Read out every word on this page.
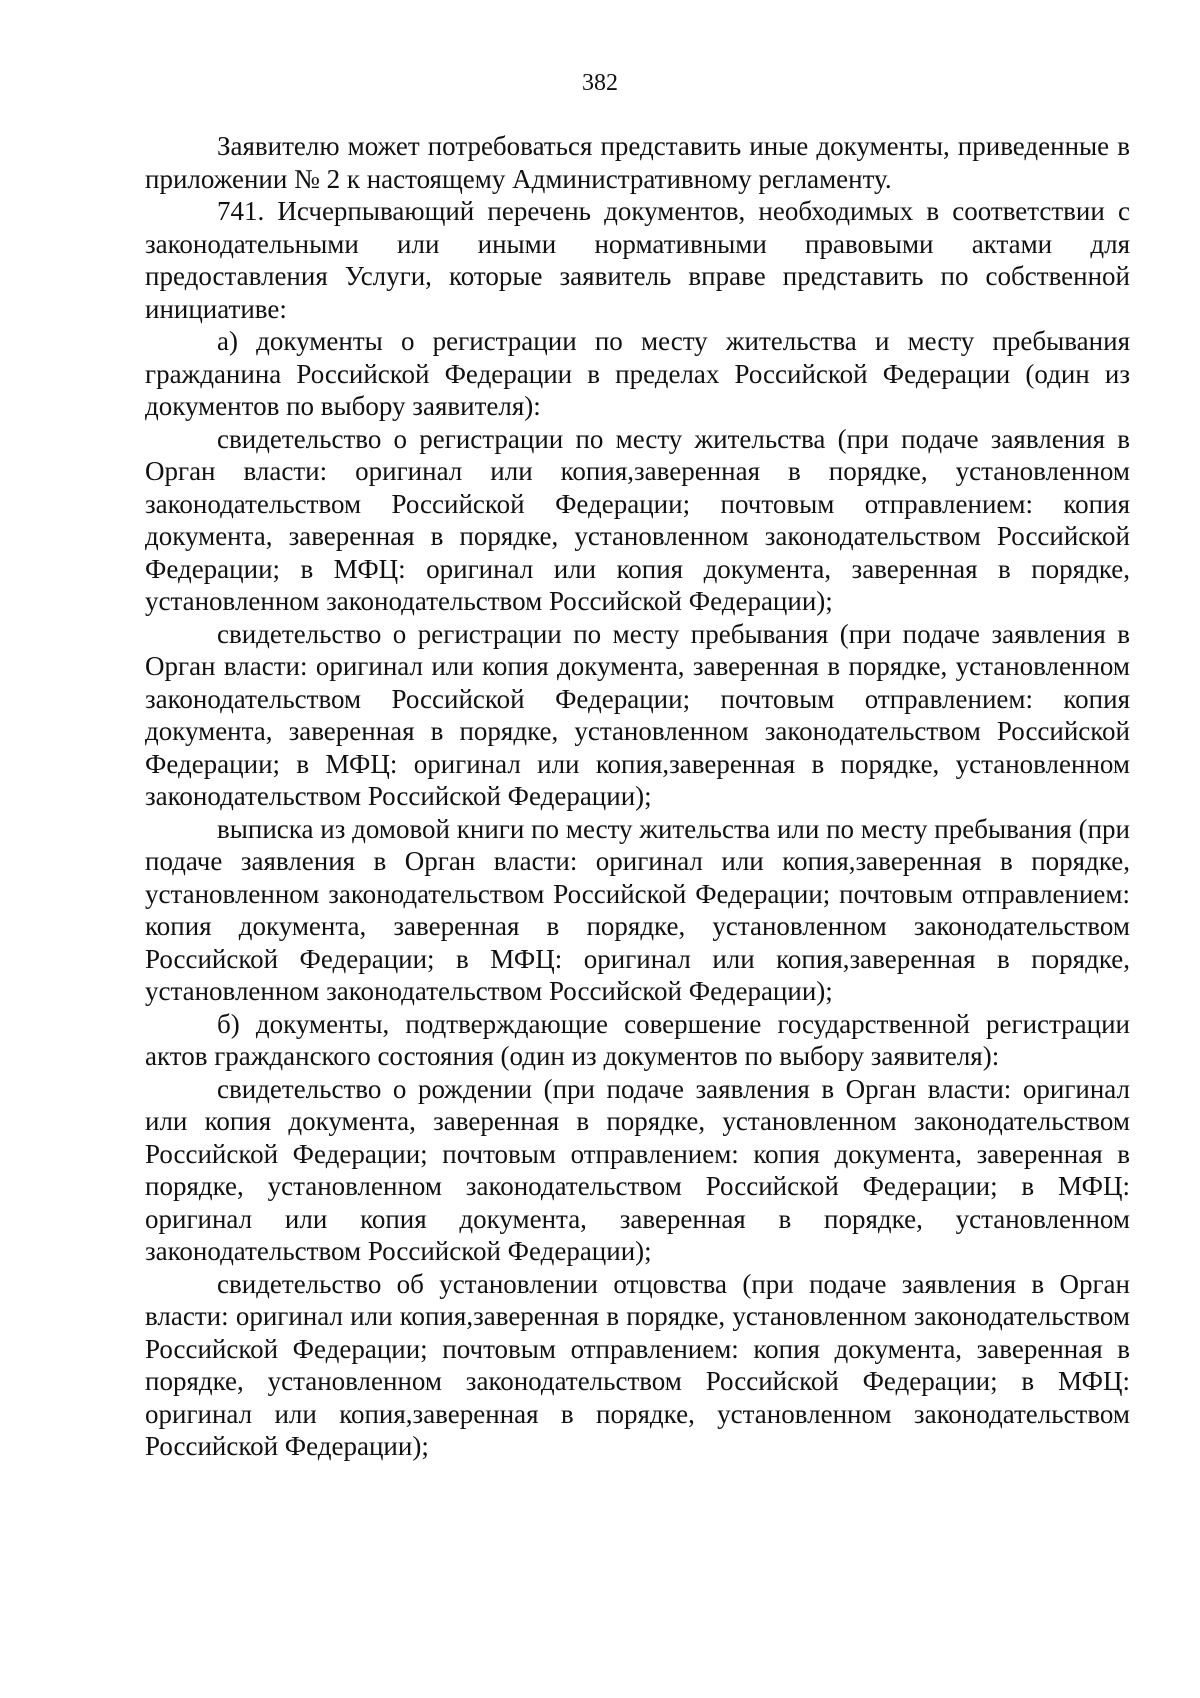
382

Заявителю может потребоваться представить иные документы, приведенные в приложении № 2 к настоящему Административному регламенту.

741. Исчерпывающий перечень документов, необходимых в соответствии с законодательными или иными нормативными правовыми актами для предоставления Услуги, которые заявитель вправе представить по собственной инициативе:

а) документы о регистрации по месту жительства и месту пребывания гражданина Российской Федерации в пределах Российской Федерации (один из документов по выбору заявителя):

свидетельство о регистрации по месту жительства (при подаче заявления в Орган власти: оригинал или копия,заверенная в порядке, установленном законодательством Российской Федерации; почтовым отправлением: копия документа, заверенная в порядке, установленном законодательством Российской Федерации; в МФЦ: оригинал или копия документа, заверенная в порядке, установленном законодательством Российской Федерации);

свидетельство о регистрации по месту пребывания (при подаче заявления в Орган власти: оригинал или копия документа, заверенная в порядке, установленном законодательством Российской Федерации; почтовым отправлением: копия документа, заверенная в порядке, установленном законодательством Российской Федерации; в МФЦ: оригинал или копия,заверенная в порядке, установленном законодательством Российской Федерации);

выписка из домовой книги по месту жительства или по месту пребывания (при подаче заявления в Орган власти: оригинал или копия,заверенная в порядке, установленном законодательством Российской Федерации; почтовым отправлением: копия документа, заверенная в порядке, установленном законодательством Российской Федерации; в МФЦ: оригинал или копия,заверенная в порядке, установленном законодательством Российской Федерации);

б) документы, подтверждающие совершение государственной регистрации актов гражданского состояния (один из документов по выбору заявителя):

свидетельство о рождении (при подаче заявления в Орган власти: оригинал или копия документа, заверенная в порядке, установленном законодательством Российской Федерации; почтовым отправлением: копия документа, заверенная в порядке, установленном законодательством Российской Федерации; в МФЦ: оригинал или копия документа, заверенная в порядке, установленном законодательством Российской Федерации);

свидетельство об установлении отцовства (при подаче заявления в Орган власти: оригинал или копия,заверенная в порядке, установленном законодательством Российской Федерации; почтовым отправлением: копия документа, заверенная в порядке, установленном законодательством Российской Федерации; в МФЦ: оригинал или копия,заверенная в порядке, установленном законодательством Российской Федерации);
